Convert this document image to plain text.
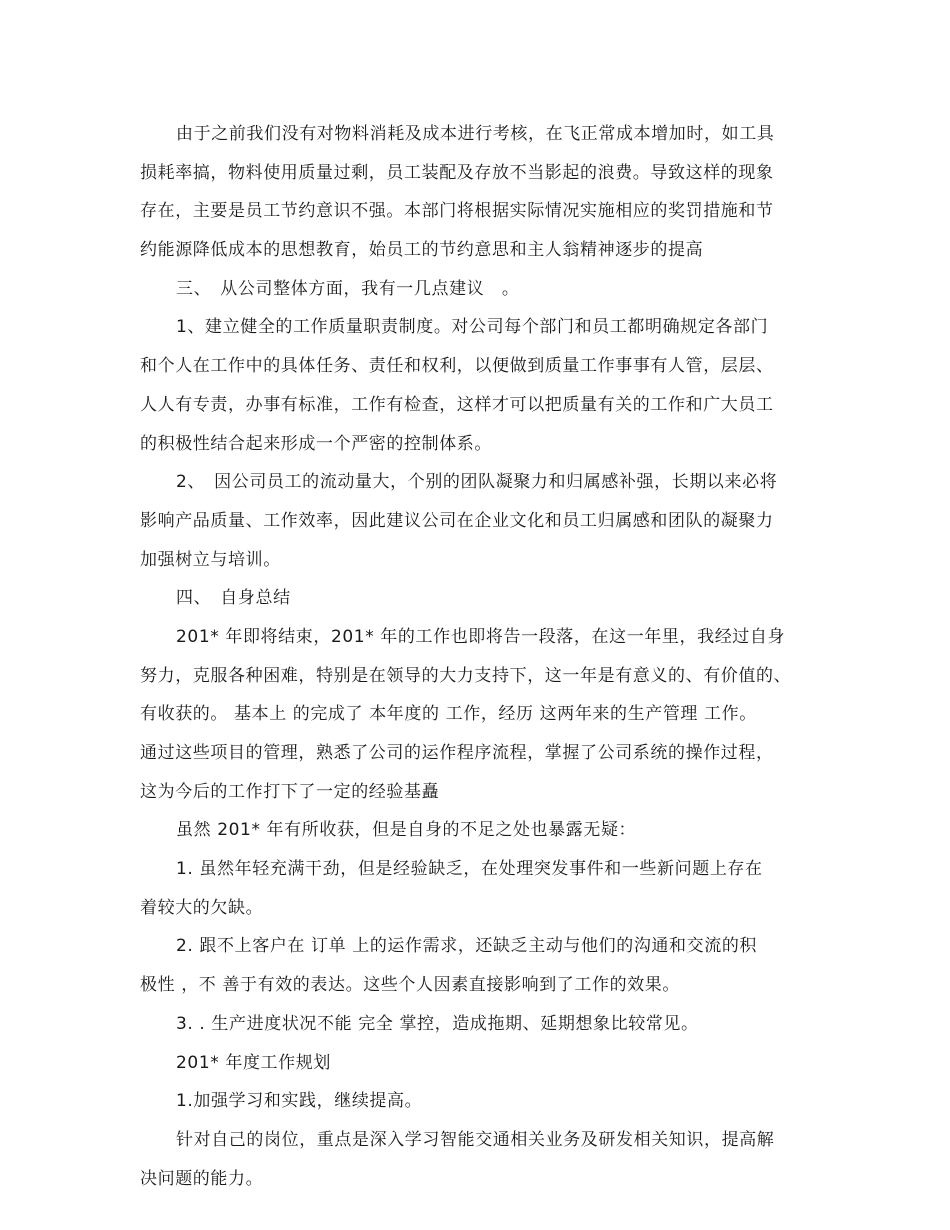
由于之前我们没有对物料消耗及成本进行考核，在飞正常成本增加时，如工具
损耗率搞，物料使用质量过剩，员工装配及存放不当影起的浪费。导致这样的现象
存在，主要是员工节约意识不强。本部门将根据实际情况实施相应的奖罚措施和节
约能源降低成本的思想教育，始员工的节约意思和主人翁精神逐步的提高
三、　从公司整体方面，我有一几点建议　。
1、建立健全的工作质量职责制度。对公司每个部门和员工都明确规定各部门
和个人在工作中的具体任务、责任和权利，以便做到质量工作事事有人管，层层、
人人有专责，办事有标准，工作有检查，这样才可以把质量有关的工作和广大员工
的积极性结合起来形成一个严密的控制体系。
2、　因公司员工的流动量大，个别的团队凝聚力和归属感补强，长期以来必将
影响产品质量、工作效率，因此建议公司在企业文化和员工归属感和团队的凝聚力
加强树立与培训。
四、　自身总结
201* 年即将结束，201* 年的工作也即将告一段落，在这一年里，我经过自身
努力，克服各种困难，特别是在领导的大力支持下，这一年是有意义的、有价值的、
有收获的。 基本上 的完成了 本年度的 工作，经历 这两年来的生产管理 工作。
通过这些项目的管理，熟悉了公司的运作程序流程，掌握了公司系统的操作过程，
这为今后的工作打下了一定的经验基矗
虽然 201* 年有所收获，但是自身的不足之处也暴露无疑：
1. 虽然年轻充满干劲，但是经验缺乏，在处理突发事件和一些新问题上存在
着较大的欠缺。
2. 跟不上客户在 订单 上的运作需求，还缺乏主动与他们的沟通和交流的积
极性 ，不 善于有效的表达。这些个人因素直接影响到了工作的效果。
3. . 生产进度状况不能 完全 掌控，造成拖期、延期想象比较常见。
201* 年度工作规划
1.加强学习和实践，继续提高。
针对自己的岗位，重点是深入学习智能交通相关业务及研发相关知识，提高解
决问题的能力。
